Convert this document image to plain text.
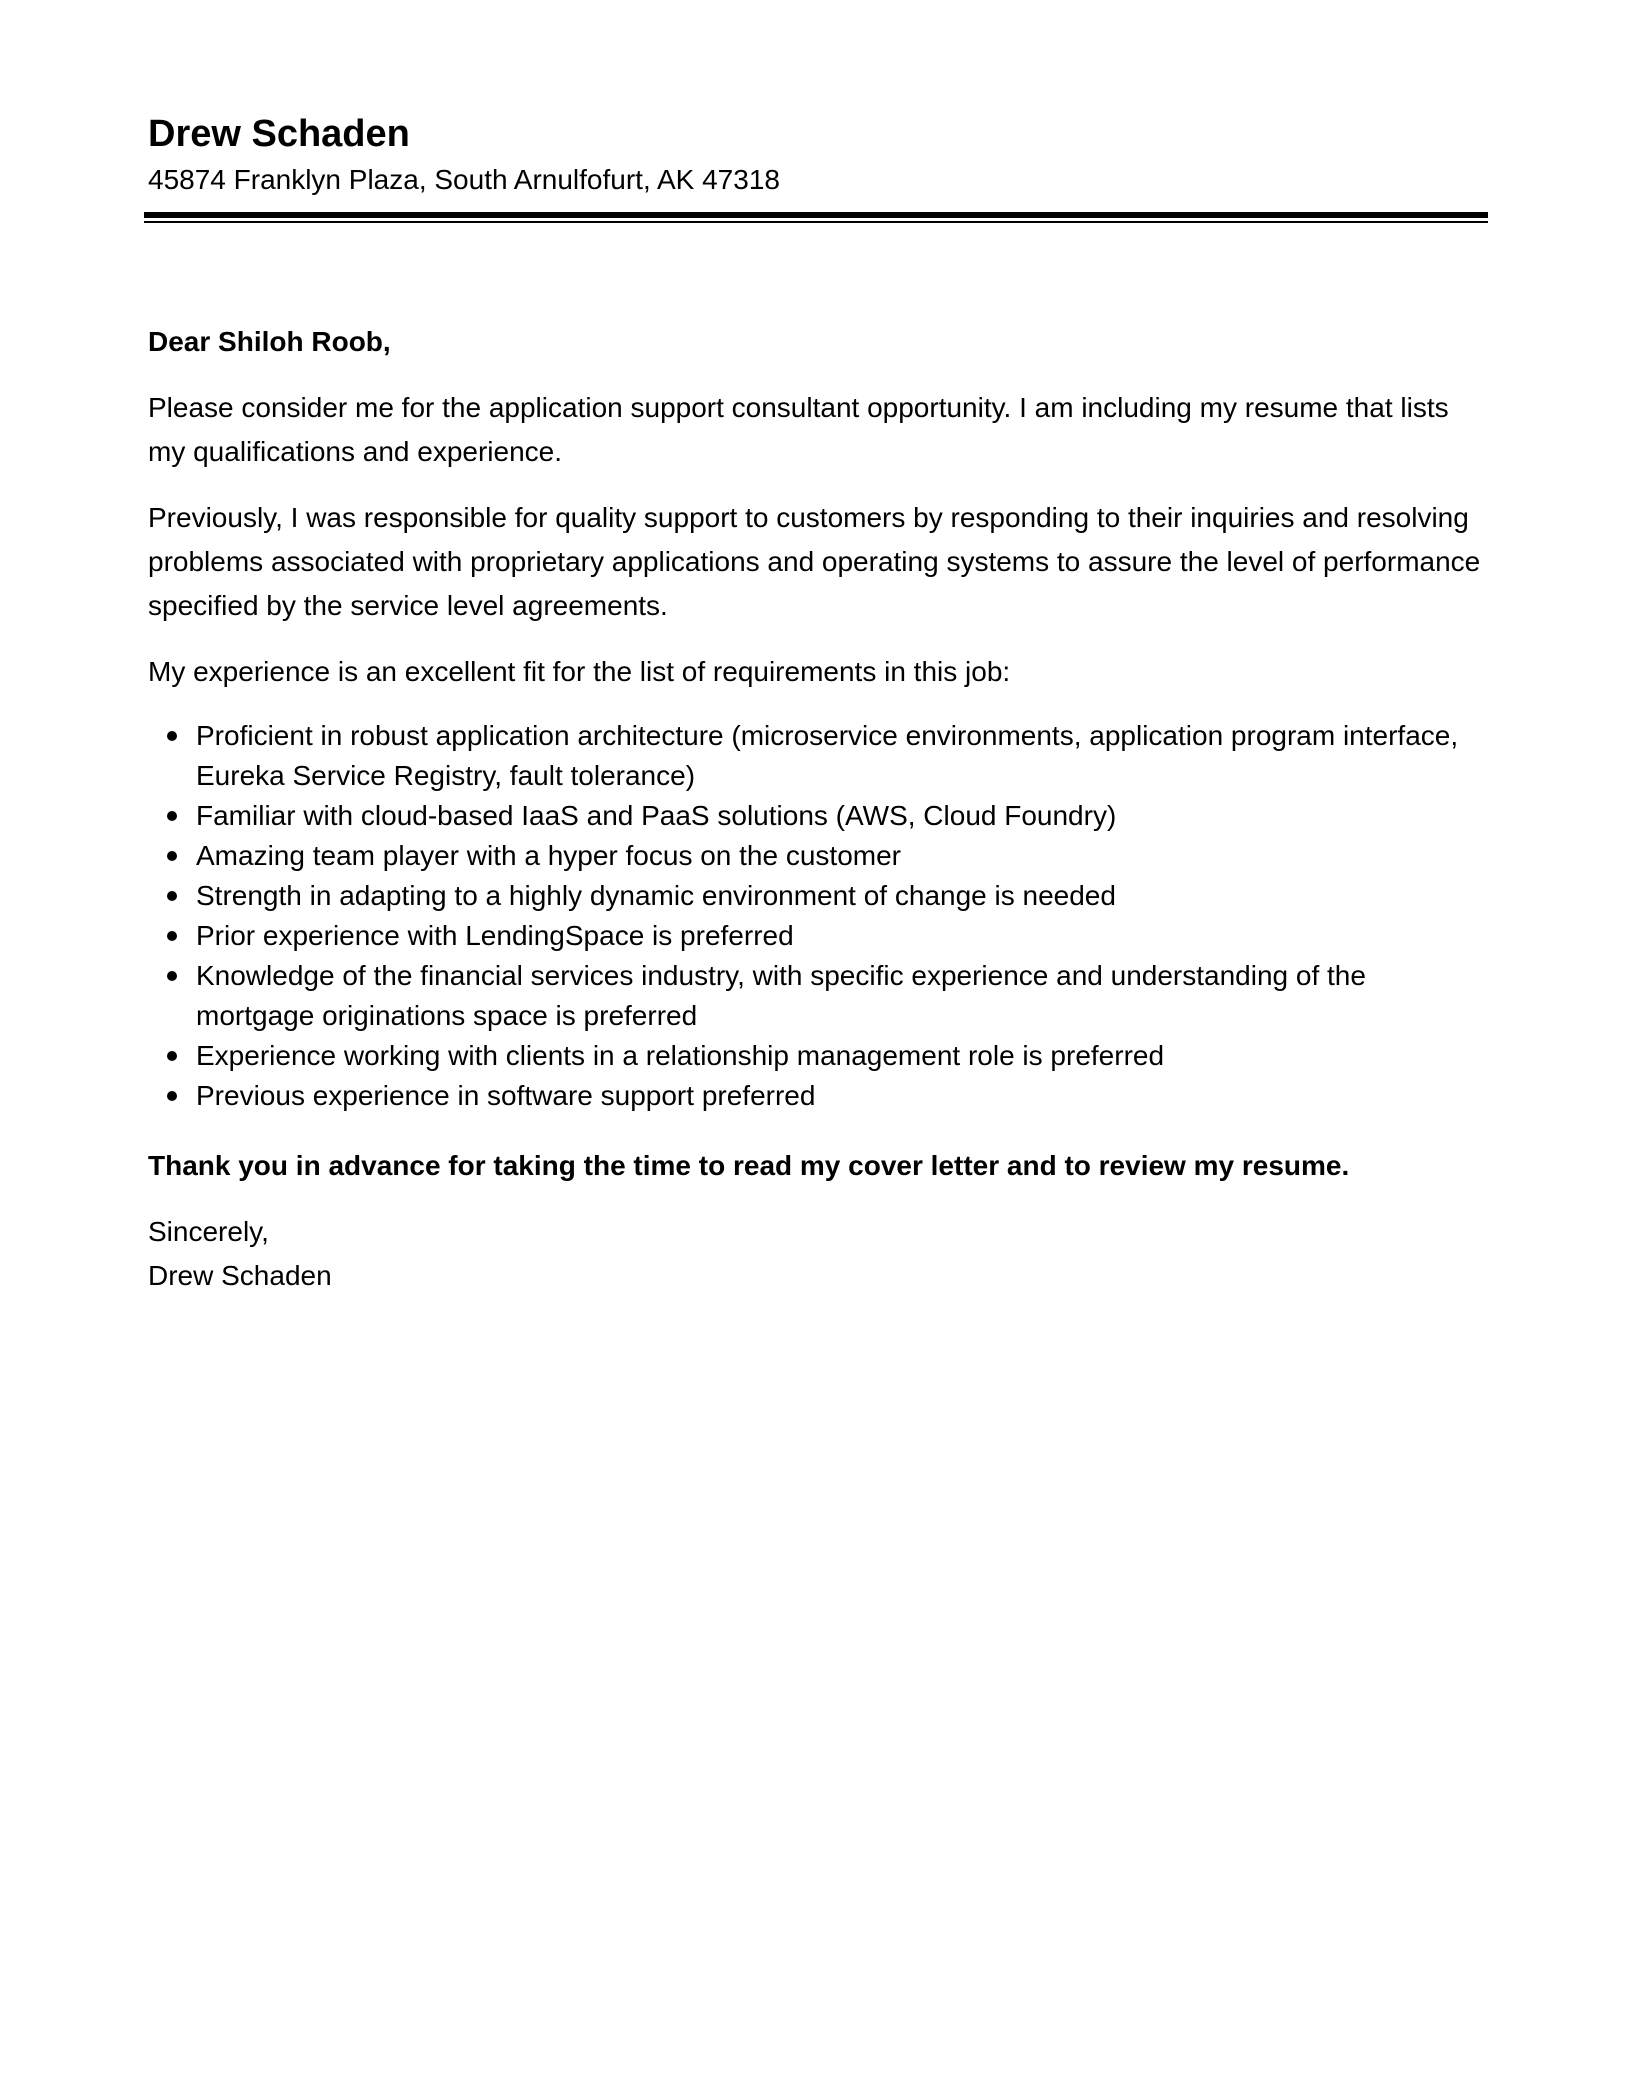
Drew Schaden

45874 Franklyn Plaza, South Arnulfofurt, AK 47318

Dear Shiloh Roob,

Please consider me for the application support consultant opportunity. I am including my resume that lists my qualifications and experience.

Previously, I was responsible for quality support to customers by responding to their inquiries and resolving problems associated with proprietary applications and operating systems to assure the level of performance specified by the service level agreements.

My experience is an excellent fit for the list of requirements in this job:

Proficient in robust application architecture (microservice environments, application program interface, Eureka Service Registry, fault tolerance)
Familiar with cloud-based IaaS and PaaS solutions (AWS, Cloud Foundry)
Amazing team player with a hyper focus on the customer
Strength in adapting to a highly dynamic environment of change is needed
Prior experience with LendingSpace is preferred
Knowledge of the financial services industry, with specific experience and understanding of the mortgage originations space is preferred
Experience working with clients in a relationship management role is preferred
Previous experience in software support preferred

Thank you in advance for taking the time to read my cover letter and to review my resume.

Sincerely,

Drew Schaden
